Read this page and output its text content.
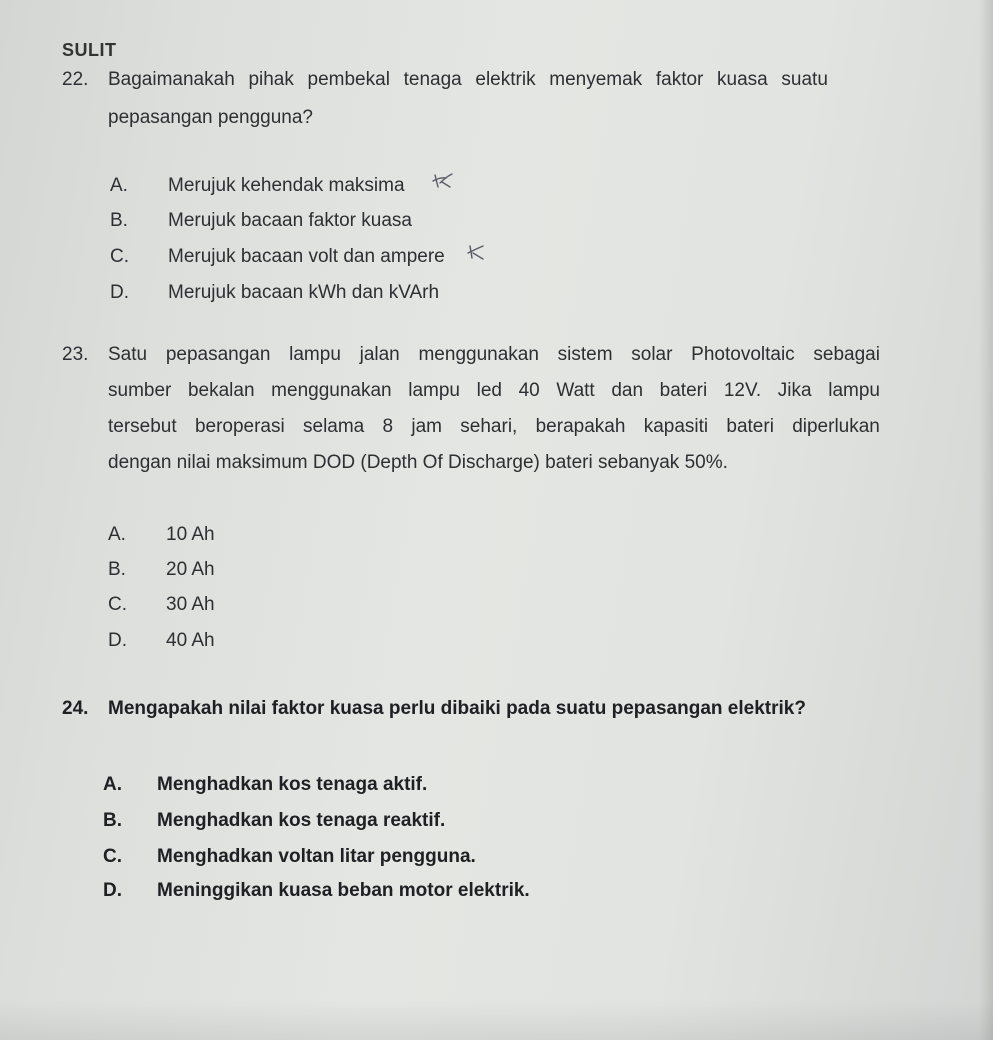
SULIT
22. Bagaimanakah pihak pembekal tenaga elektrik menyemak faktor kuasa suatu
pepasangan pengguna?
A. Merujuk kehendak maksima
B. Merujuk bacaan faktor kuasa
C. Merujuk bacaan volt dan ampere
D. Merujuk bacaan kWh dan kVArh
23. Satu pepasangan lampu jalan menggunakan sistem solar Photovoltaic sebagai
sumber bekalan menggunakan lampu led 40 Watt dan bateri 12V. Jika lampu
tersebut beroperasi selama 8 jam sehari, berapakah kapasiti bateri diperlukan
dengan nilai maksimum DOD (Depth Of Discharge) bateri sebanyak 50%.
A. 10 Ah
B. 20 Ah
C. 30 Ah
D. 40 Ah
24. Mengapakah nilai faktor kuasa perlu dibaiki pada suatu pepasangan elektrik?
A. Menghadkan kos tenaga aktif.
B. Menghadkan kos tenaga reaktif.
C. Menghadkan voltan litar pengguna.
D. Meninggikan kuasa beban motor elektrik.
